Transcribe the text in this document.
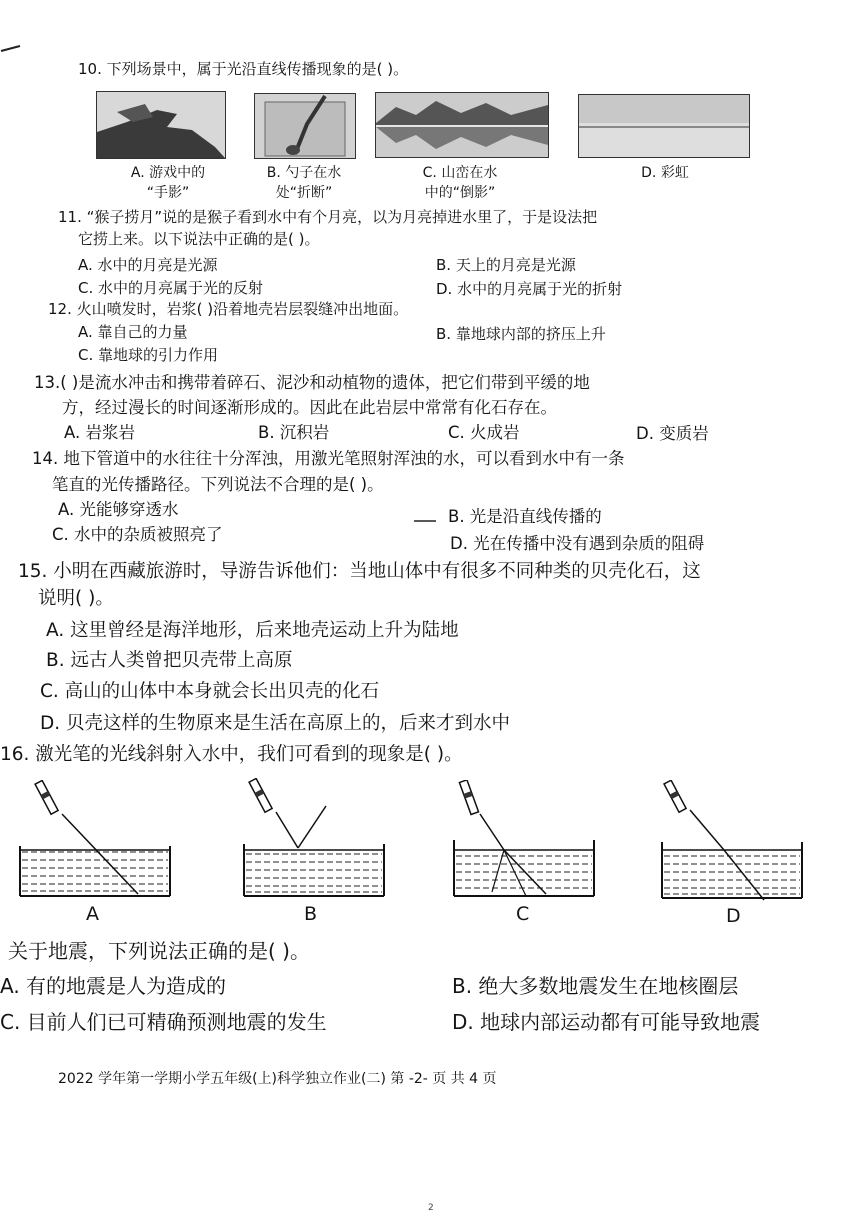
10. 下列场景中，属于光沿直线传播现象的是( )。
A. 游戏中的
“手影”
B. 勺子在水
处“折断”
C. 山峦在水
中的“倒影”
D. 彩虹
11. “猴子捞月”说的是猴子看到水中有个月亮，以为月亮掉进水里了，于是设法把
它捞上来。以下说法中正确的是( )。
A. 水中的月亮是光源	B. 天上的月亮是光源
C. 水中的月亮属于光的反射	D. 水中的月亮属于光的折射
12. 火山喷发时，岩浆( )沿着地壳岩层裂缝冲出地面。
A. 靠自己的力量	B. 靠地球内部的挤压上升
C. 靠地球的引力作用
13.( )是流水冲击和携带着碎石、泥沙和动植物的遗体，把它们带到平缓的地
方，经过漫长的时间逐渐形成的。因此在此岩层中常常有化石存在。
A. 岩浆岩	B. 沉积岩	C. 火成岩	D. 变质岩
14. 地下管道中的水往往十分浑浊，用激光笔照射浑浊的水，可以看到水中有一条
笔直的光传播路径。下列说法不合理的是( )。
A. 光能够穿透水	B. 光是沿直线传播的
C. 水中的杂质被照亮了	D. 光在传播中没有遇到杂质的阻碍
15. 小明在西藏旅游时，导游告诉他们：当地山体中有很多不同种类的贝壳化石，这
说明( )。
A. 这里曾经是海洋地形，后来地壳运动上升为陆地
B. 远古人类曾把贝壳带上高原
C. 高山的山体中本身就会长出贝壳的化石
D. 贝壳这样的生物原来是生活在高原上的，后来才到水中
16. 激光笔的光线斜射入水中，我们可看到的现象是( )。
A	B	C	D
关于地震，下列说法正确的是( )。
A. 有的地震是人为造成的	B. 绝大多数地震发生在地核圈层
C. 目前人们已可精确预测地震的发生	D. 地球内部运动都有可能导致地震
2022 学年第一学期小学五年级(上)科学独立作业(二) 第 -2- 页 共 4 页
2
